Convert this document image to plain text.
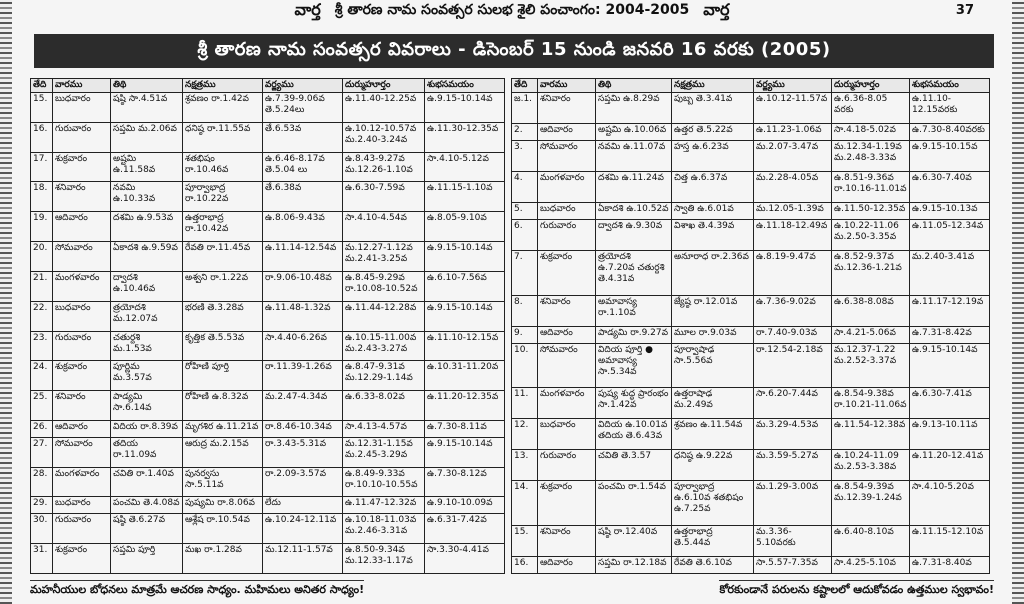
వార్త శ్రీ తారణ నామ సంవత్సర సులభ శైలి పంచాంగం: 2004-2005 వార్త	37
శ్రీ తారణ నామ సంవత్సర వివరాలు - డిసెంబర్ 15 నుండి జనవరి 16 వరకు (2005)
తేది	వారము	తిథి	నక్షత్రము	వర్జ్యము	దుర్ముహూర్తం	శుభసమయం
15.	బుధవారం	షష్ఠి సా.4.51వ	శ్రవణం రా.1.42వ	ఉ.7.39-9.06వ తె.5.24లు	ఉ.11.40-12.25వ	ఉ.9.15-10.14వ
16.	గురువారం	సప్తమి మ.2.06వ	ధనిష్ఠ రా.11.55వ	తే.6.53వ	ఉ.10.12-10.57వ మ.2.40-3.24వ	ఉ.11.30-12.35వ
17.	శుక్రవారం	అష్టమి ఉ.11.58వ	శతభిషం రా.10.46వ	ఉ.6.46-8.17వ తె.5.04 లు	ఉ.8.43-9.27వ మ.12.26-1.10వ	సా.4.10-5.12వ
18.	శనివారం	నవమి ఉ.10.33వ	పూర్వాభాద్ర రా.10.22వ	తే.6.38వ	ఉ.6.30-7.59వ	ఉ.11.15-1.10వ
19.	ఆదివారం	దశమి ఉ.9.53వ	ఉత్తరాభాద్ర రా.10.42వ	ఉ.8.06-9.43వ	సా.4.10-4.54వ	ఉ.8.05-9.10వ
20.	సోమవారం	ఏకాదశి ఉ.9.59వ	రేవతి రా.11.45వ	ఉ.11.14-12.54వ	మ.12.27-1.12వ మ.2.41-3.25వ	ఉ.9.15-10.14వ
21.	మంగళవారం	ద్వాదశి ఉ.10.46వ	అశ్వని రా.1.22వ	రా.9.06-10.48వ	ఉ.8.45-9.29వ రా.10.08-10.52వ	ఉ.6.10-7.56వ
22.	బుధవారం	త్రయోదశి మ.12.07వ	భరణి తె.3.28వ	ఉ.11.48-1.32వ	ఉ.11.44-12.28వ	ఉ.9.15-10.14వ
23.	గురువారం	చతుర్దశి మ.1.53వ	కృత్తిక తె.5.53వ	సా.4.40-6.26వ	ఉ.10.15-11.00వ మ.2.43-3.27వ	ఉ.11.10-12.15వ
24.	శుక్రవారం	పూర్ణిమ మ.3.57వ	రోహిణి పూర్తి	రా.11.39-1.26వ	ఉ.8.47-9.31వ మ.12.29-1.14వ	ఉ.10.31-11.20వ
25.	శనివారం	పాడ్యమి సా.6.14వ	రోహిణి ఉ.8.32వ	మ.2.47-4.34వ	ఉ.6.33-8.02వ	ఉ.11.20-12.35వ
26.	ఆదివారం	విదియ రా.8.39వ	మృగశిర ఉ.11.21వ	రా.8.46-10.34వ	సా.4.13-4.57వ	ఉ.7.30-8.11వ
27.	సోమవారం	తదియ రా.11.09వ	ఆరుద్ర మ.2.15వ	రా.3.43-5.31వ	మ.12.31-1.15వ మ.2.45-3.29వ	ఉ.9.15-10.14వ
28.	మంగళవారం	చవితి రా.1.40వ	పునర్వసు సా.5.11వ	రా.2.09-3.57వ	ఉ.8.49-9.33వ రా.10.10-10.55వ	ఉ.7.30-8.12వ
29.	బుధవారం	పంచమి తె.4.08వ	పుష్యమి రా.8.06వ	లేదు	ఉ.11.47-12.32వ	ఉ.9.10-10.09వ
30.	గురువారం	షష్ఠి తె.6.27వ	ఆశ్లేష రా.10.54వ	ఉ.10.24-12.11వ	ఉ.10.18-11.03వ మ.2.46-3.31వ	ఉ.6.31-7.42వ
31.	శుక్రవారం	సప్తమి పూర్తి	మఖ రా.1.28వ	మ.12.11-1.57వ	ఉ.8.50-9.34వ మ.12.33-1.17వ	సా.3.30-4.41వ
తేది	వారము	తిథి	నక్షత్రము	వర్జ్యము	దుర్ముహూర్తం	శుభసమయం
జ.1.	శనివారం	సప్తమి ఉ.8.29వ	పుబ్బ తె.3.41వ	ఉ.10.12-11.57వ	ఉ.6.36-8.05 వరకు	ఉ.11.10-12.15వరకు
2.	ఆదివారం	అష్టమి ఉ.10.06వ	ఉత్తర తె.5.22వ	ఉ.11.23-1.06వ	సా.4.18-5.02వ	ఉ.7.30-8.40వరకు
3.	సోమవారం	నవమి ఉ.11.07వ	హస్త ఉ.6.23వ	మ.2.07-3.47వ	మ.12.34-1.19వ మ.2.48-3.33వ	ఉ.9.15-10.15వ
4.	మంగళవారం	దశమి ఉ.11.24వ	చిత్త ఉ.6.37వ	మ.2.28-4.05వ	ఉ.8.51-9.36వ రా.10.16-11.01వ	ఉ.6.30-7.40వ
5.	బుధవారం	ఏకాదశి ఉ.10.52వ	స్వాతి ఉ.6.01వ	మ.12.05-1.39వ	ఉ.11.50-12.35వ	ఉ.9.15-10.13వ
6.	గురువారం	ద్వాదశి ఉ.9.30వ	విశాఖ తె.4.39వ	ఉ.11.18-12.49వ	ఉ.10.22-11.06 మ.2.50-3.35వ	ఉ.11.05-12.34వ
7.	శుక్రవారం	త్రయోదశి ఉ.7.20వ చతుర్దశి తె.4.31వ	అనూరాధ రా.2.36వ	ఉ.8.19-9.47వ	ఉ.8.52-9.37వ మ.12.36-1.21వ	మ.2.40-3.41వ
8.	శనివారం	అమావాస్య రా.1.10వ	జ్యేష్ఠ రా.12.01వ	ఉ.7.36-9.02వ	ఉ.6.38-8.08వ	ఉ.11.17-12.19వ
9.	ఆదివారం	పాడ్యమి రా.9.27వ	మూల రా.9.03వ	రా.7.40-9.03వ	సా.4.21-5.06వ	ఉ.7.31-8.42వ
10.	సోమవారం	విదియ పూర్తి ● అమావాస్య సా.5.34వ	పూర్వాషాఢ సా.5.56వ	రా.12.54-2.18వ	మ.12.37-1.22 మ.2.52-3.37వ	ఉ.9.15-10.14వ
11.	మంగళవారం	పుష్య శుద్ధ ప్రారంభం సా.1.42వ	ఉత్తరాషాఢ మ.2.49వ	సా.6.20-7.44వ	ఉ.8.54-9.38వ రా.10.21-11.06వ	ఉ.6.30-7.41వ
12.	బుధవారం	విదియ ఉ.10.01వ తదియ తె.6.43వ	శ్రవణం ఉ.11.54వ	మ.3.29-4.53వ	ఉ.11.54-12.38వ	ఉ.9.13-10.11వ
13.	గురువారం	చవితి తె.3.57	ధనిష్ఠ ఉ.9.22వ	మ.3.59-5.27వ	ఉ.10.24-11.09 మ.2.53-3.38వ	ఉ.11.20-12.41వ
14.	శుక్రవారం	పంచమి రా.1.54వ	పూర్వాభాద్ర ఉ.6.10వ శతభిషం ఉ.7.25వ	మ.1.29-3.00వ	ఉ.8.54-9.39వ మ.12.39-1.24వ	సా.4.10-5.20వ
15.	శనివారం	షష్ఠి రా.12.40వ	ఉత్తరాభాద్ర తె.5.44వ	మ.3.36-5.10వరకు	ఉ.6.40-8.10వ	ఉ.11.15-12.10వ
16.	ఆదివారం	సప్తమి రా.12.18వ	రేవతి తె.6.10వ	సా.5.57-7.35వ	సా.4.25-5.10వ	ఉ.7.31-8.40వ
మహనీయుల బోధనలు మాత్రమే ఆచరణ సాధ్యం. మహిమలు అనితర సాధ్యం!	కోరకుండానే పరులను కష్టాలలో ఆదుకోవడం ఉత్తముల స్వభావం!
